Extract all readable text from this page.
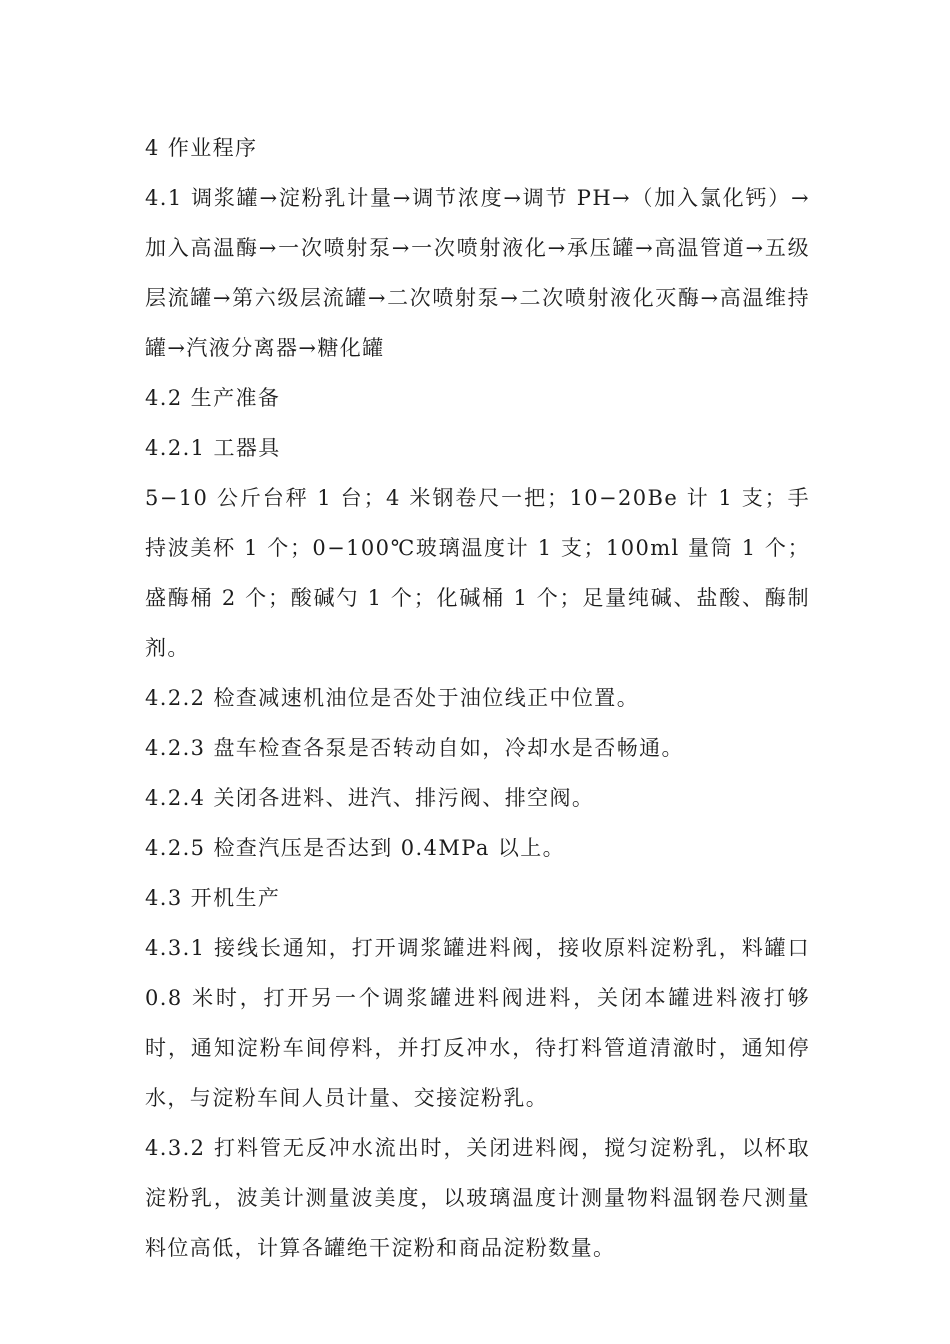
4 作业程序

4.1 调浆罐→淀粉乳计量→调节浓度→调节 PH→（加入氯化钙）→加入高温酶→一次喷射泵→一次喷射液化→承压罐→高温管道→五级层流罐→第六级层流罐→二次喷射泵→二次喷射液化灭酶→高温维持罐→汽液分离器→糖化罐

4.2 生产准备

4.2.1 工器具

5−10 公斤台秤 1 台；4 米钢卷尺一把；10−20Be 计 1 支；手持波美杯 1 个；0−100℃玻璃温度计 1 支；100ml 量筒 1 个；盛酶桶 2 个；酸碱勺 1 个；化碱桶 1 个；足量纯碱、盐酸、酶制剂。

4.2.2 检查减速机油位是否处于油位线正中位置。

4.2.3 盘车检查各泵是否转动自如，冷却水是否畅通。

4.2.4 关闭各进料、进汽、排污阀、排空阀。

4.2.5 检查汽压是否达到 0.4MPa 以上。

4.3 开机生产

4.3.1 接线长通知，打开调浆罐进料阀，接收原料淀粉乳，料罐口 0.8 米时，打开另一个调浆罐进料阀进料，关闭本罐进料液打够时，通知淀粉车间停料，并打反冲水，待打料管道清澈时，通知停水，与淀粉车间人员计量、交接淀粉乳。

4.3.2 打料管无反冲水流出时，关闭进料阀，搅匀淀粉乳，以杯取淀粉乳，波美计测量波美度，以玻璃温度计测量物料温钢卷尺测量料位高低，计算各罐绝干淀粉和商品淀粉数量。
